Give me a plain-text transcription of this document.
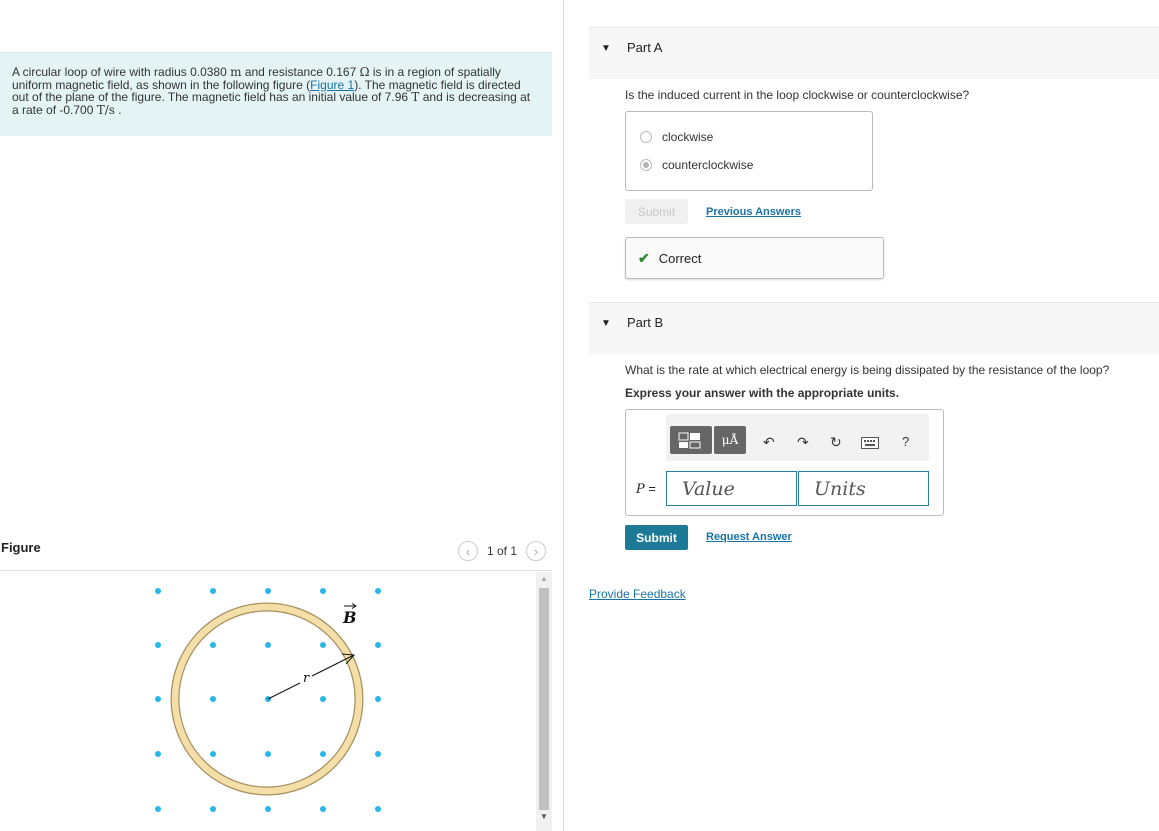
A circular loop of wire with radius 0.0380 m and resistance 0.167 Ω is in a region of spatially uniform magnetic field, as shown in the following figure (Figure 1). The magnetic field is directed out of the plane of the figure. The magnetic field has an initial value of 7.96 T and is decreasing at a rate of -0.700 T/s .
Figure	‹ 1 of 1 ›
r
B
▲
▼
▼ Part A
Is the induced current in the loop clockwise or counterclockwise?
clockwise
counterclockwise
Submit	Previous Answers
✔ Correct
▼ Part B
What is the rate at which electrical energy is being dissipated by the resistance of the loop?
Express your answer with the appropriate units.
μÅ ↶ ↷ ↻	?
P =	Value	Units
Submit	Request Answer
Provide Feedback
